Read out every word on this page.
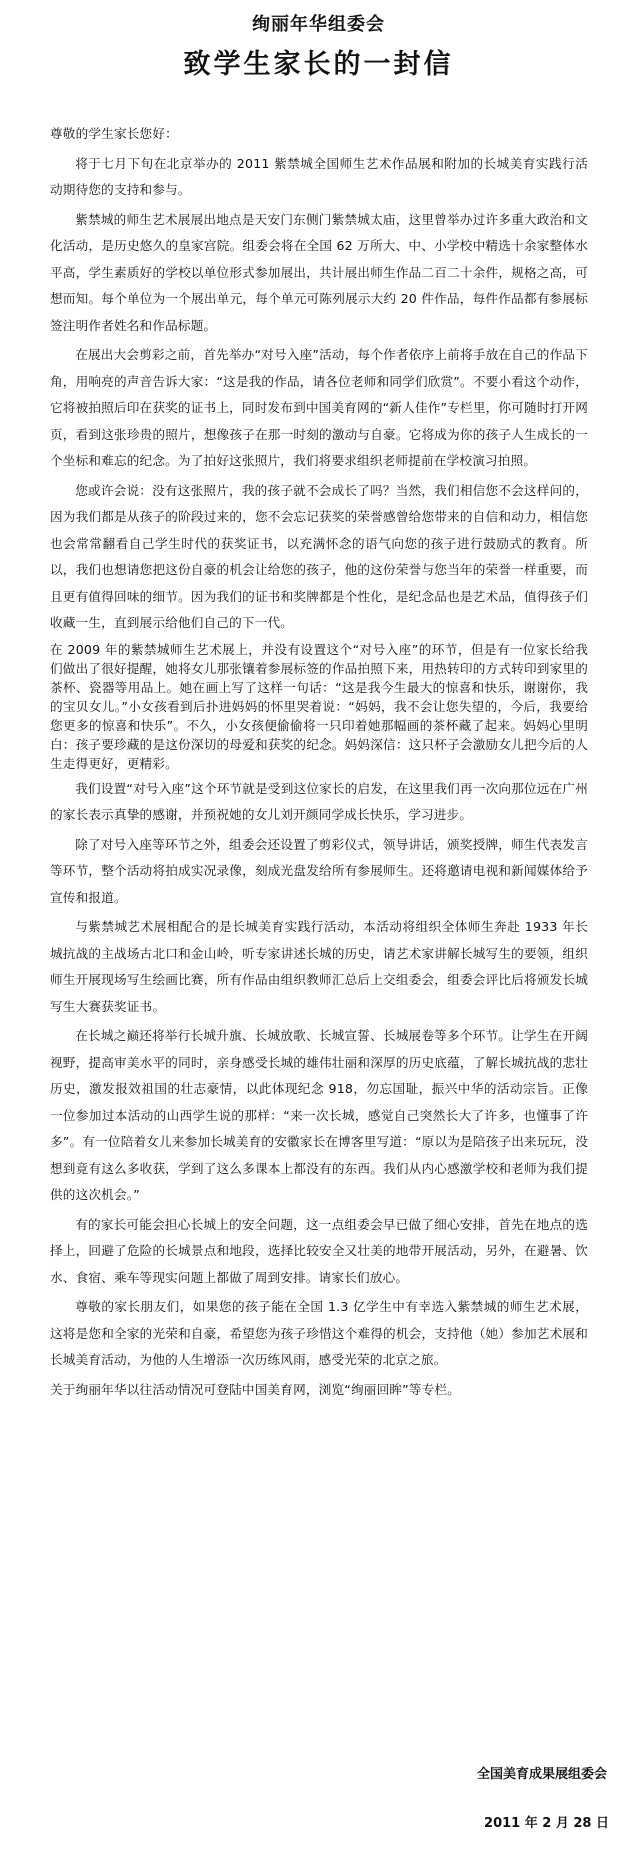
绚丽年华组委会
致学生家长的一封信

尊敬的学生家长您好：

将于七月下旬在北京举办的 2011 紫禁城全国师生艺术作品展和附加的长城美育实践行活动期待您的支持和参与。

紫禁城的师生艺术展展出地点是天安门东侧门紫禁城太庙，这里曾举办过许多重大政治和文化活动，是历史悠久的皇家宫院。组委会将在全国 62 万所大、中、小学校中精选十余家整体水平高，学生素质好的学校以单位形式参加展出，共计展出师生作品二百二十余件，规格之高，可想而知。每个单位为一个展出单元，每个单元可陈列展示大约 20 件作品，每件作品都有参展标签注明作者姓名和作品标题。

在展出大会剪彩之前，首先举办“对号入座”活动，每个作者依序上前将手放在自己的作品下角，用响亮的声音告诉大家：“这是我的作品，请各位老师和同学们欣赏”。不要小看这个动作，它将被拍照后印在获奖的证书上，同时发布到中国美育网的“新人佳作”专栏里，你可随时打开网页，看到这张珍贵的照片，想像孩子在那一时刻的激动与自豪。它将成为你的孩子人生成长的一个坐标和难忘的纪念。为了拍好这张照片，我们将要求组织老师提前在学校演习拍照。

您或许会说：没有这张照片，我的孩子就不会成长了吗？当然，我们相信您不会这样问的，因为我们都是从孩子的阶段过来的，您不会忘记获奖的荣誉感曾给您带来的自信和动力，相信您也会常常翻看自己学生时代的获奖证书，以充满怀念的语气向您的孩子进行鼓励式的教育。所以，我们也想请您把这份自豪的机会让给您的孩子，他的这份荣誉与您当年的荣誉一样重要，而且更有值得回味的细节。因为我们的证书和奖牌都是个性化，是纪念品也是艺术品，值得孩子们收藏一生，直到展示给他们自己的下一代。

在 2009 年的紫禁城师生艺术展上，并没有设置这个“对号入座”的环节，但是有一位家长给我们做出了很好提醒，她将女儿那张镶着参展标签的作品拍照下来，用热转印的方式转印到家里的茶杯、瓷器等用品上。她在画上写了这样一句话：“这是我今生最大的惊喜和快乐，谢谢你，我的宝贝女儿。”小女孩看到后扑进妈妈的怀里哭着说：“妈妈，我不会让您失望的，今后，我要给您更多的惊喜和快乐”。不久，小女孩便偷偷将一只印着她那幅画的茶杯藏了起来。妈妈心里明白：孩子要珍藏的是这份深切的母爱和获奖的纪念。妈妈深信：这只杯子会激励女儿把今后的人生走得更好，更精彩。

我们设置“对号入座”这个环节就是受到这位家长的启发，在这里我们再一次向那位远在广州的家长表示真挚的感谢，并预祝她的女儿刘开颜同学成长快乐，学习进步。

除了对号入座等环节之外，组委会还设置了剪彩仪式，领导讲话，颁奖授牌，师生代表发言等环节，整个活动将拍成实况录像，刻成光盘发给所有参展师生。还将邀请电视和新闻媒体给予宣传和报道。

与紫禁城艺术展相配合的是长城美育实践行活动，本活动将组织全体师生奔赴 1933 年长城抗战的主战场古北口和金山岭，听专家讲述长城的历史，请艺术家讲解长城写生的要领，组织师生开展现场写生绘画比赛，所有作品由组织教师汇总后上交组委会，组委会评比后将颁发长城写生大赛获奖证书。

在长城之巅还将举行长城升旗、长城放歌、长城宣誓、长城展卷等多个环节。让学生在开阔视野，提高审美水平的同时，亲身感受长城的雄伟壮丽和深厚的历史底蕴，了解长城抗战的悲壮历史，激发报效祖国的壮志豪情，以此体现纪念 918，勿忘国耻，振兴中华的活动宗旨。正像一位参加过本活动的山西学生说的那样：“来一次长城，感觉自己突然长大了许多，也懂事了许多”。有一位陪着女儿来参加长城美育的安徽家长在博客里写道：“原以为是陪孩子出来玩玩，没想到竟有这么多收获，学到了这么多课本上都没有的东西。我们从内心感激学校和老师为我们提供的这次机会。”

有的家长可能会担心长城上的安全问题，这一点组委会早已做了细心安排，首先在地点的选择上，回避了危险的长城景点和地段，选择比较安全又壮美的地带开展活动，另外，在避暑、饮水、食宿、乘车等现实问题上都做了周到安排。请家长们放心。

尊敬的家长朋友们，如果您的孩子能在全国 1.3 亿学生中有幸选入紫禁城的师生艺术展，这将是您和全家的光荣和自豪，希望您为孩子珍惜这个难得的机会，支持他（她）参加艺术展和长城美育活动，为他的人生增添一次历练风雨，感受光荣的北京之旅。

关于绚丽年华以往活动情况可登陆中国美育网，浏览“绚丽回眸”等专栏。

全国美育成果展组委会
2011 年 2 月 28 日
